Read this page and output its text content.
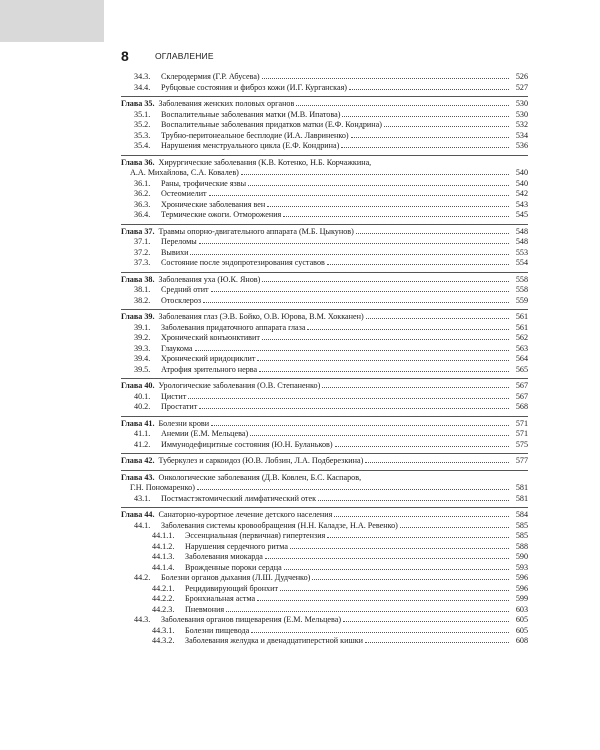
8	ОГЛАВЛЕНИЕ
34.3.	Склеродермия (Г.Р. Абусева)	526
34.4.	Рубцовые состояния и фиброз кожи (И.Г. Курганская)	527
Глава 35. Заболевания женских половых органов	530
35.1.	Воспалительные заболевания матки (М.В. Ипатова)	530
35.2.	Воспалительные заболевания придатков матки (Е.Ф. Кондрина)	532
35.3.	Трубно-перитонеальное бесплодие (И.А. Лавриненко)	534
35.4.	Нарушения менструального цикла (Е.Ф. Кондрина)	536
Глава 36. Хирургические заболевания (К.В. Котенко, Н.Б. Корчажкина,
А.А. Михайлова, С.А. Ковалев)	540
36.1.	Раны, трофические язвы	540
36.2.	Остеомиелит	542
36.3.	Хронические заболевания вен	543
36.4.	Термические ожоги. Отморожения	545
Глава 37. Травмы опорно-двигательного аппарата (М.Б. Цыкунов)	548
37.1.	Переломы	548
37.2.	Вывихи	553
37.3.	Состояние после эндопротезирования суставов	554
Глава 38. Заболевания уха (Ю.К. Янов)	558
38.1.	Средний отит	558
38.2.	Отосклероз	559
Глава 39. Заболевания глаз (Э.В. Бойко, О.В. Юрова, В.М. Хокканен)	561
39.1.	Заболевания придаточного аппарата глаза	561
39.2.	Хронический конъюнктивит	562
39.3.	Глаукома	563
39.4.	Хронический иридоциклит	564
39.5.	Атрофия зрительного нерва	565
Глава 40. Урологические заболевания (О.В. Степаненко)	567
40.1.	Цистит	567
40.2.	Простатит	568
Глава 41. Болезни крови	571
41.1.	Анемии (Е.М. Мельцева)	571
41.2.	Иммунодефицитные состояния (Ю.Н. Буланьков)	575
Глава 42. Туберкулез и саркоидоз (Ю.В. Лобзин, Л.А. Подберезкина)	577
Глава 43. Онкологические заболевания (Д.В. Ковлен, Б.С. Каспаров,
Г.Н. Пономаренко)	581
43.1.	Постмастэктомический лимфатический отек	581
Глава 44. Санаторно-курортное лечение детского населения	584
44.1.	Заболевания системы кровообращения (Н.Н. Каладзе, Н.А. Ревенко)	585
44.1.1.	Эссенциальная (первичная) гипертензия	585
44.1.2.	Нарушения сердечного ритма	588
44.1.3.	Заболевания миокарда	590
44.1.4.	Врожденные пороки сердца	593
44.2.	Болезни органов дыхания (Л.Ш. Дудченко)	596
44.2.1.	Рецидивирующий бронхит	596
44.2.2.	Бронхиальная астма	599
44.2.3.	Пневмония	603
44.3.	Заболевания органов пищеварения (Е.М. Мельцева)	605
44.3.1.	Болезни пищевода	605
44.3.2.	Заболевания желудка и двенадцатиперстной кишки	608
